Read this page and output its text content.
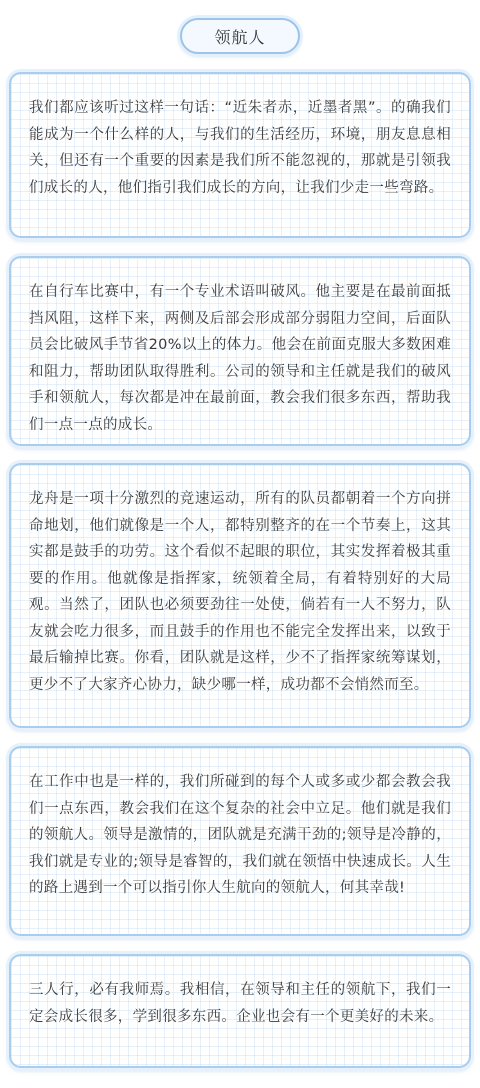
领航人

我们都应该听过这样一句话：“近朱者赤，近墨者黑”。的确我们能成为一个什么样的人，与我们的生活经历，环境，朋友息息相关，但还有一个重要的因素是我们所不能忽视的，那就是引领我们成长的人，他们指引我们成长的方向，让我们少走一些弯路。

在自行车比赛中，有一个专业术语叫破风。他主要是在最前面抵挡风阻，这样下来，两侧及后部会形成部分弱阻力空间，后面队员会比破风手节省20%以上的体力。他会在前面克服大多数困难和阻力，帮助团队取得胜利。公司的领导和主任就是我们的破风手和领航人，每次都是冲在最前面，教会我们很多东西，帮助我们一点一点的成长。

龙舟是一项十分激烈的竞速运动，所有的队员都朝着一个方向拼命地划，他们就像是一个人，都特别整齐的在一个节奏上，这其实都是鼓手的功劳。这个看似不起眼的职位，其实发挥着极其重要的作用。他就像是指挥家，统领着全局，有着特别好的大局观。当然了，团队也必须要劲往一处使，倘若有一人不努力，队友就会吃力很多，而且鼓手的作用也不能完全发挥出来，以致于最后输掉比赛。你看，团队就是这样，少不了指挥家统筹谋划，更少不了大家齐心协力，缺少哪一样，成功都不会悄然而至。

在工作中也是一样的，我们所碰到的每个人或多或少都会教会我们一点东西，教会我们在这个复杂的社会中立足。他们就是我们的领航人。领导是激情的，团队就是充满干劲的;领导是冷静的，我们就是专业的;领导是睿智的，我们就在领悟中快速成长。人生的路上遇到一个可以指引你人生航向的领航人，何其幸哉!

三人行，必有我师焉。我相信，在领导和主任的领航下，我们一定会成长很多，学到很多东西。企业也会有一个更美好的未来。
